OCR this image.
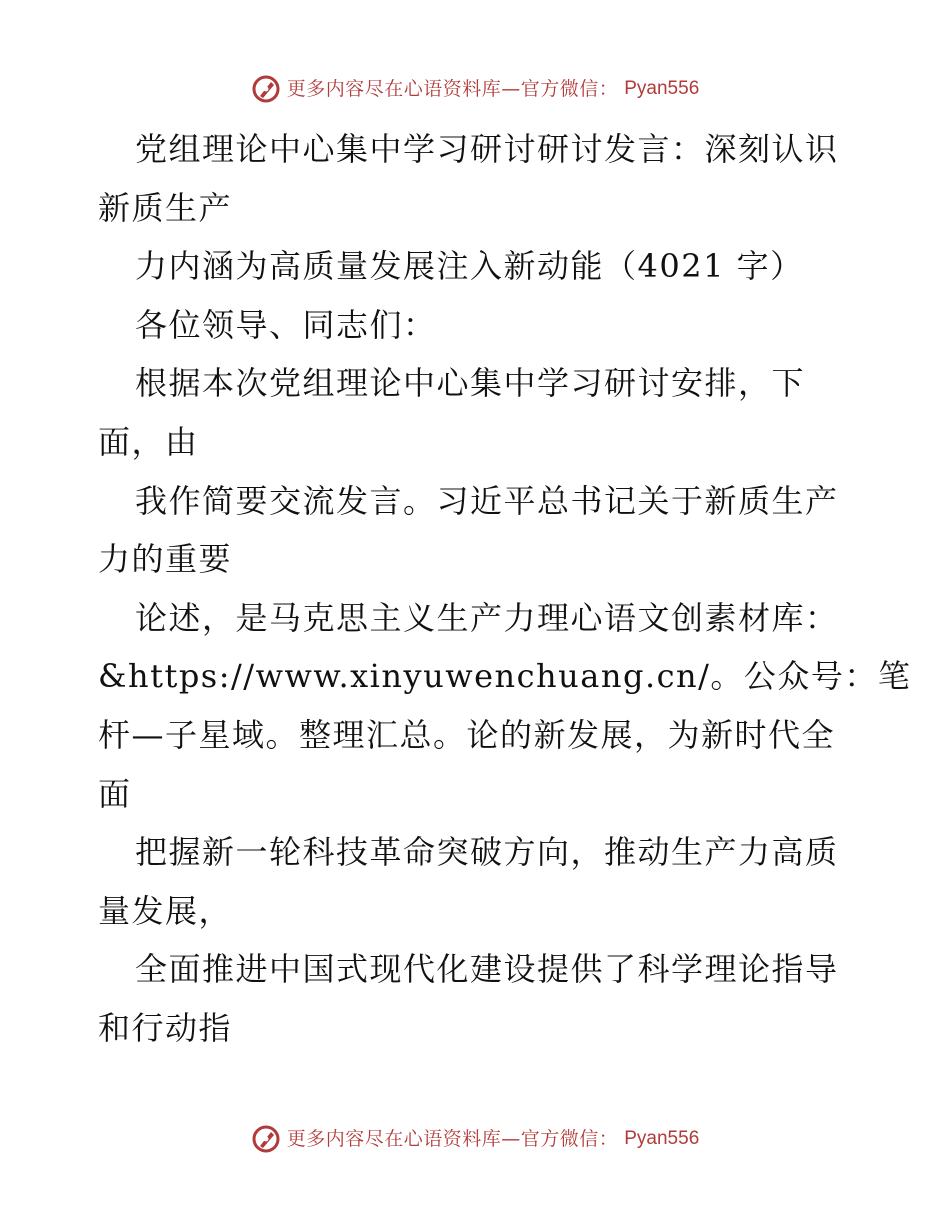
更多内容尽在心语资料库—官方微信： Pyan556
党组理论中心集中学习研讨研讨发言：深刻认识
新质生产
力内涵为高质量发展注入新动能（4021 字）
各位领导、同志们：
根据本次党组理论中心集中学习研讨安排，下
面，由
我作简要交流发言。习近平总书记关于新质生产
力的重要
论述，是马克思主义生产力理心语文创素材库：
&https://www.xinyuwenchuang.cn/。公众号：笔
杆—子星域。整理汇总。论的新发展，为新时代全
面
把握新一轮科技革命突破方向，推动生产力高质
量发展，
全面推进中国式现代化建设提供了科学理论指导
和行动指
更多内容尽在心语资料库—官方微信： Pyan556
